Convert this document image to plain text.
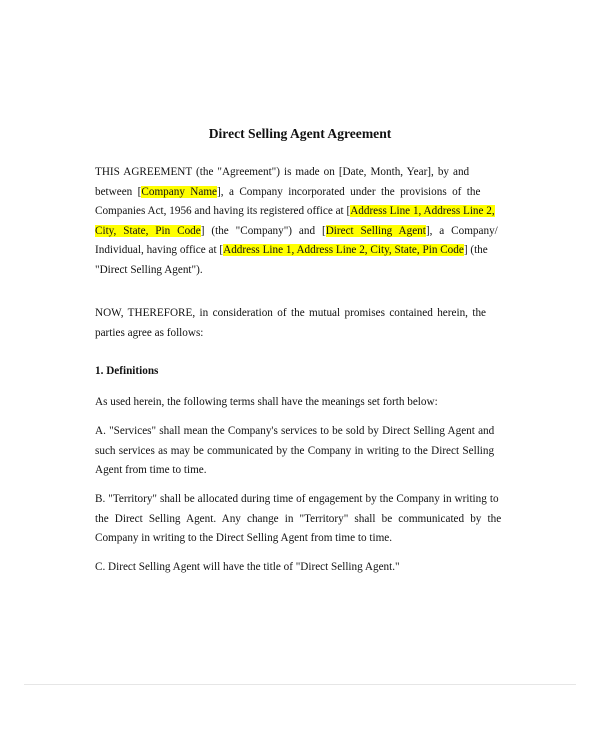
Direct Selling Agent Agreement
THIS AGREEMENT (the "Agreement") is made on [Date, Month, Year], by and
between [Company Name], a Company incorporated under the provisions of the
Companies Act, 1956 and having its registered office at [Address Line 1, Address Line 2,
City, State, Pin Code] (the "Company") and [Direct Selling Agent], a Company/
Individual, having office at [Address Line 1, Address Line 2, City, State, Pin Code] (the
"Direct Selling Agent").
NOW, THEREFORE, in consideration of the mutual promises contained herein, the
parties agree as follows:
1. Definitions
As used herein, the following terms shall have the meanings set forth below:
A. "Services" shall mean the Company's services to be sold by Direct Selling Agent and
such services as may be communicated by the Company in writing to the Direct Selling
Agent from time to time.
B. "Territory" shall be allocated during time of engagement by the Company in writing to
the Direct Selling Agent. Any change in "Territory" shall be communicated by the
Company in writing to the Direct Selling Agent from time to time.
C. Direct Selling Agent will have the title of "Direct Selling Agent."
